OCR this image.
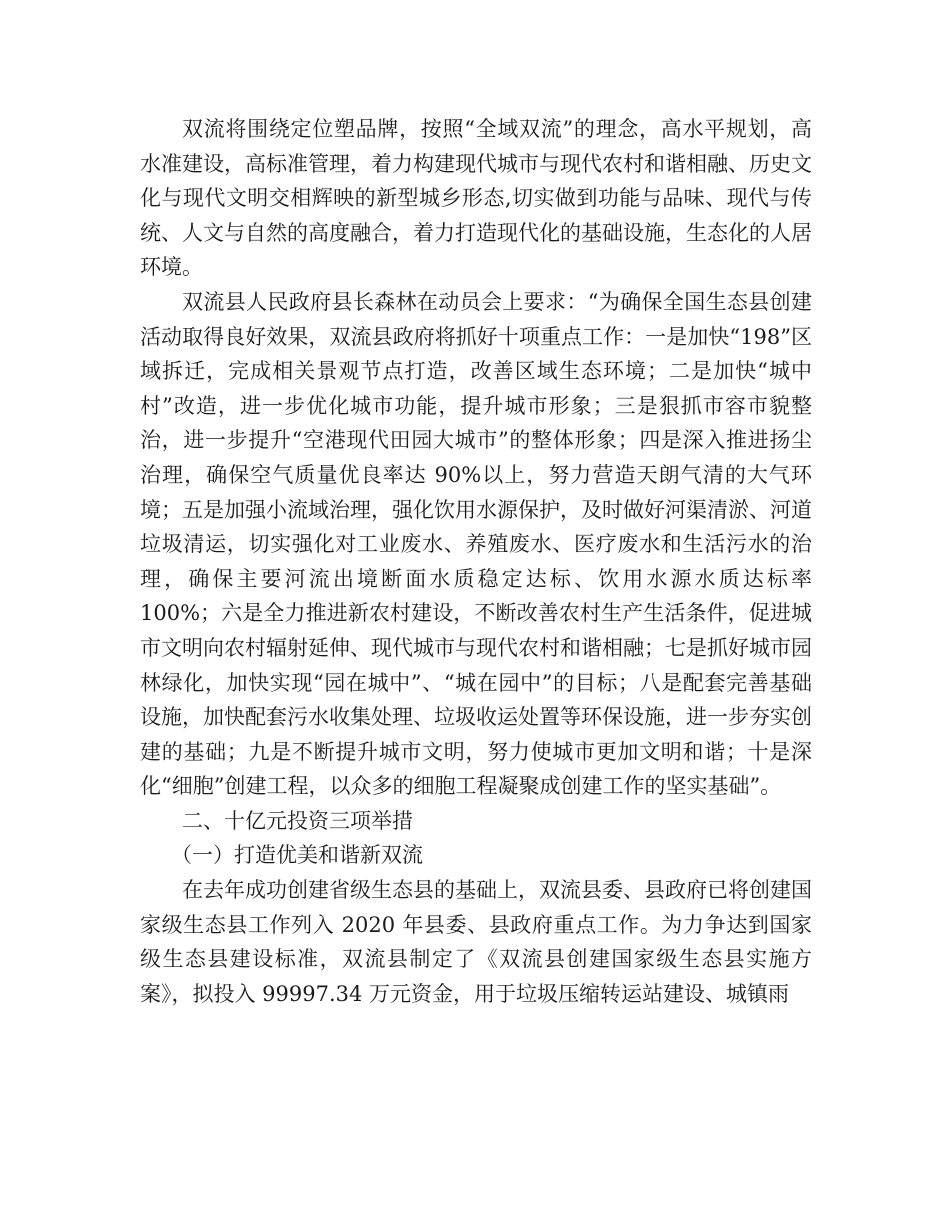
双流将围绕定位塑品牌，按照“全域双流”的理念，高水平规划，高水准建设，高标准管理，着力构建现代城市与现代农村和谐相融、历史文化与现代文明交相辉映的新型城乡形态,切实做到功能与品味、现代与传统、人文与自然的高度融合，着力打造现代化的基础设施，生态化的人居环境。

双流县人民政府县长森林在动员会上要求：“为确保全国生态县创建活动取得良好效果，双流县政府将抓好十项重点工作：一是加快“198”区域拆迁，完成相关景观节点打造，改善区域生态环境；二是加快“城中村”改造，进一步优化城市功能，提升城市形象；三是狠抓市容市貌整治，进一步提升“空港现代田园大城市”的整体形象；四是深入推进扬尘治理，确保空气质量优良率达 90%以上，努力营造天朗气清的大气环境；五是加强小流域治理，强化饮用水源保护，及时做好河渠清淤、河道垃圾清运，切实强化对工业废水、养殖废水、医疗废水和生活污水的治理，确保主要河流出境断面水质稳定达标、饮用水源水质达标率 100%；六是全力推进新农村建设，不断改善农村生产生活条件，促进城市文明向农村辐射延伸、现代城市与现代农村和谐相融；七是抓好城市园林绿化，加快实现“园在城中”、“城在园中”的目标；八是配套完善基础设施，加快配套污水收集处理、垃圾收运处置等环保设施，进一步夯实创建的基础；九是不断提升城市文明，努力使城市更加文明和谐；十是深化“细胞”创建工程，以众多的细胞工程凝聚成创建工作的坚实基础”。

二、十亿元投资三项举措

（一）打造优美和谐新双流

在去年成功创建省级生态县的基础上，双流县委、县政府已将创建国家级生态县工作列入 2020 年县委、县政府重点工作。为力争达到国家级生态县建设标准，双流县制定了《双流县创建国家级生态县实施方案》，拟投入 99997.34 万元资金，用于垃圾压缩转运站建设、城镇雨
